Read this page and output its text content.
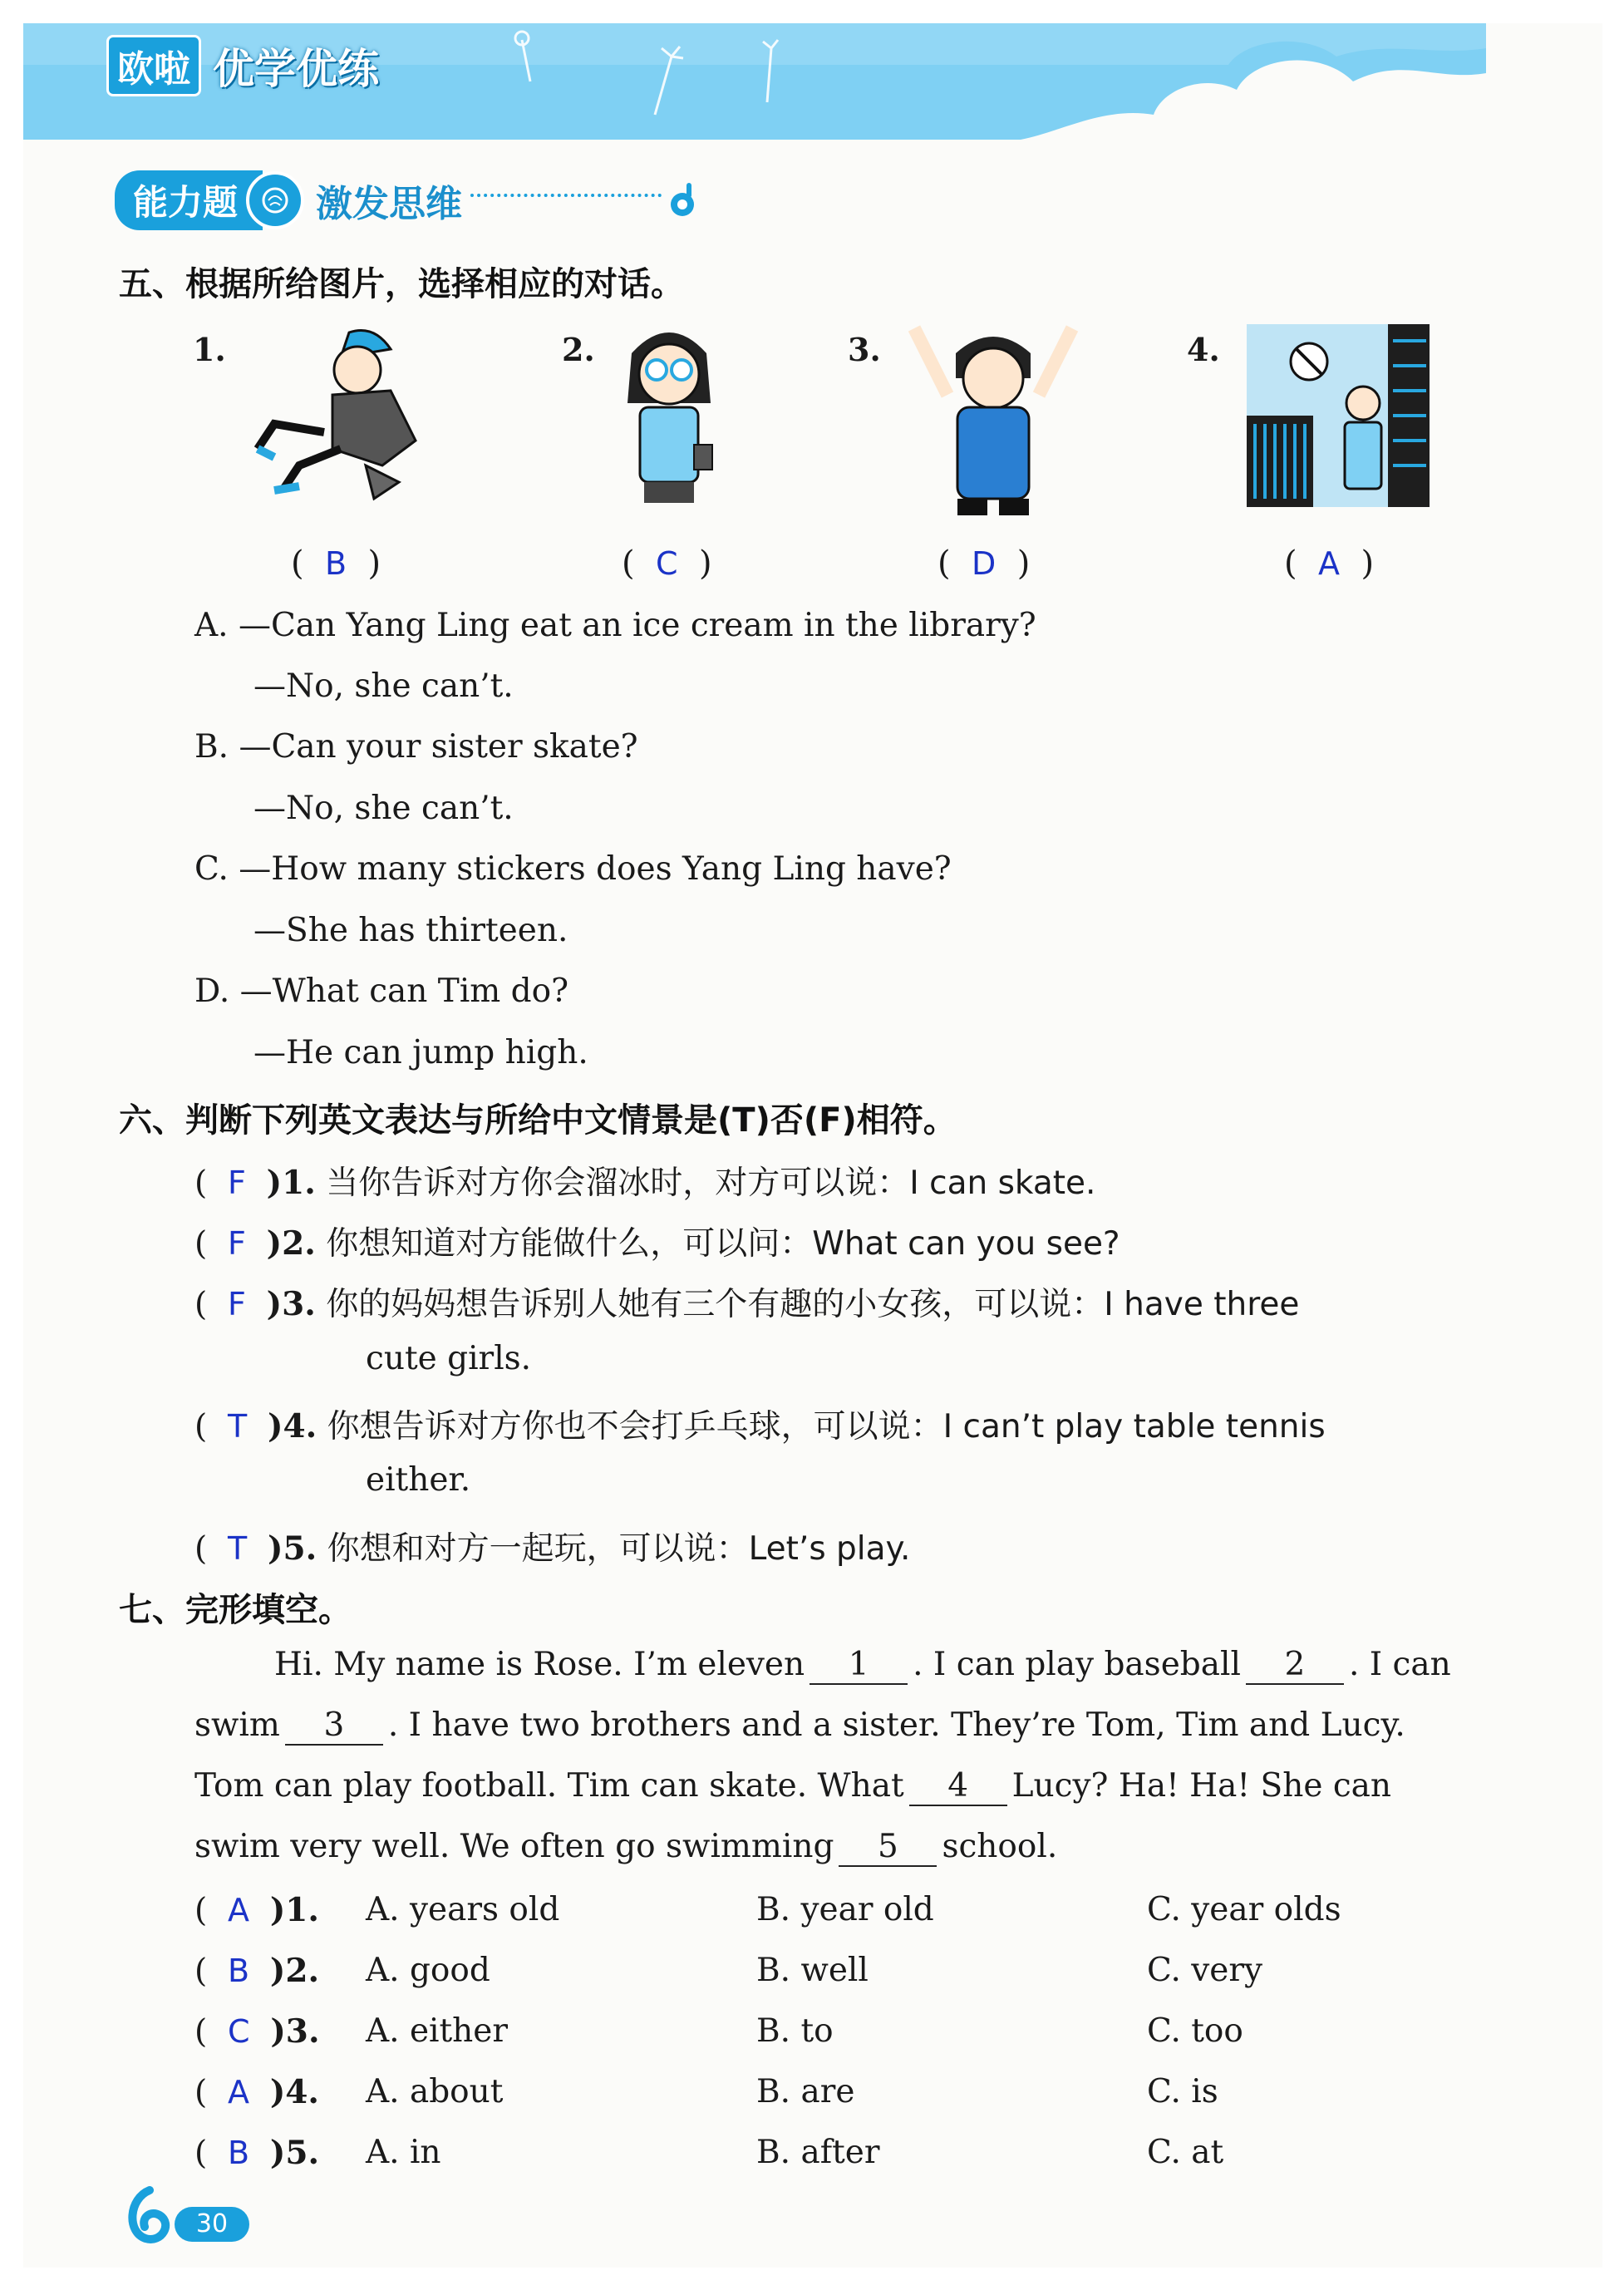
欧啦 优学优练
能力题	激发思维
五、根据所给图片，选择相应的对话。
1.	2.	3.	4.
(  B  )	(  C  )	(  D  )	(  A  )
A. —Can Yang Ling eat an ice cream in the library?
—No, she can’t.
B. —Can your sister skate?
—No, she can’t.
C. —How many stickers does Yang Ling have?
—She has thirteen.
D. —What can Tim do?
—He can jump high.
六、判断下列英文表达与所给中文情景是(T)否(F)相符。
(  F )1. 当你告诉对方你会溜冰时，对方可以说：I can skate.
(  F )2. 你想知道对方能做什么，可以问：What can you see?
(  F )3. 你的妈妈想告诉别人她有三个有趣的小女孩，可以说：I have three
cute girls.
(  T )4. 你想告诉对方你也不会打乒乓球，可以说：I can’t play table tennis
either.
(  T )5. 你想和对方一起玩，可以说：Let’s play.
七、完形填空。
Hi. My name is Rose. I’m eleven 1 . I can play baseball 2 . I can
swim 3 . I have two brothers and a sister. They’re Tom, Tim and Lucy.
Tom can play football. Tim can skate. What 4 Lucy? Ha! Ha! She can
swim very well. We often go swimming 5 school.
(  A )1. A. years old	B. year old	C. year olds
(  B )2. A. good	B. well	C. very
(  C )3. A. either	B. to	C. too
(  A )4. A. about	B. are	C. is
(  B )5. A. in	B. after	C. at
30
